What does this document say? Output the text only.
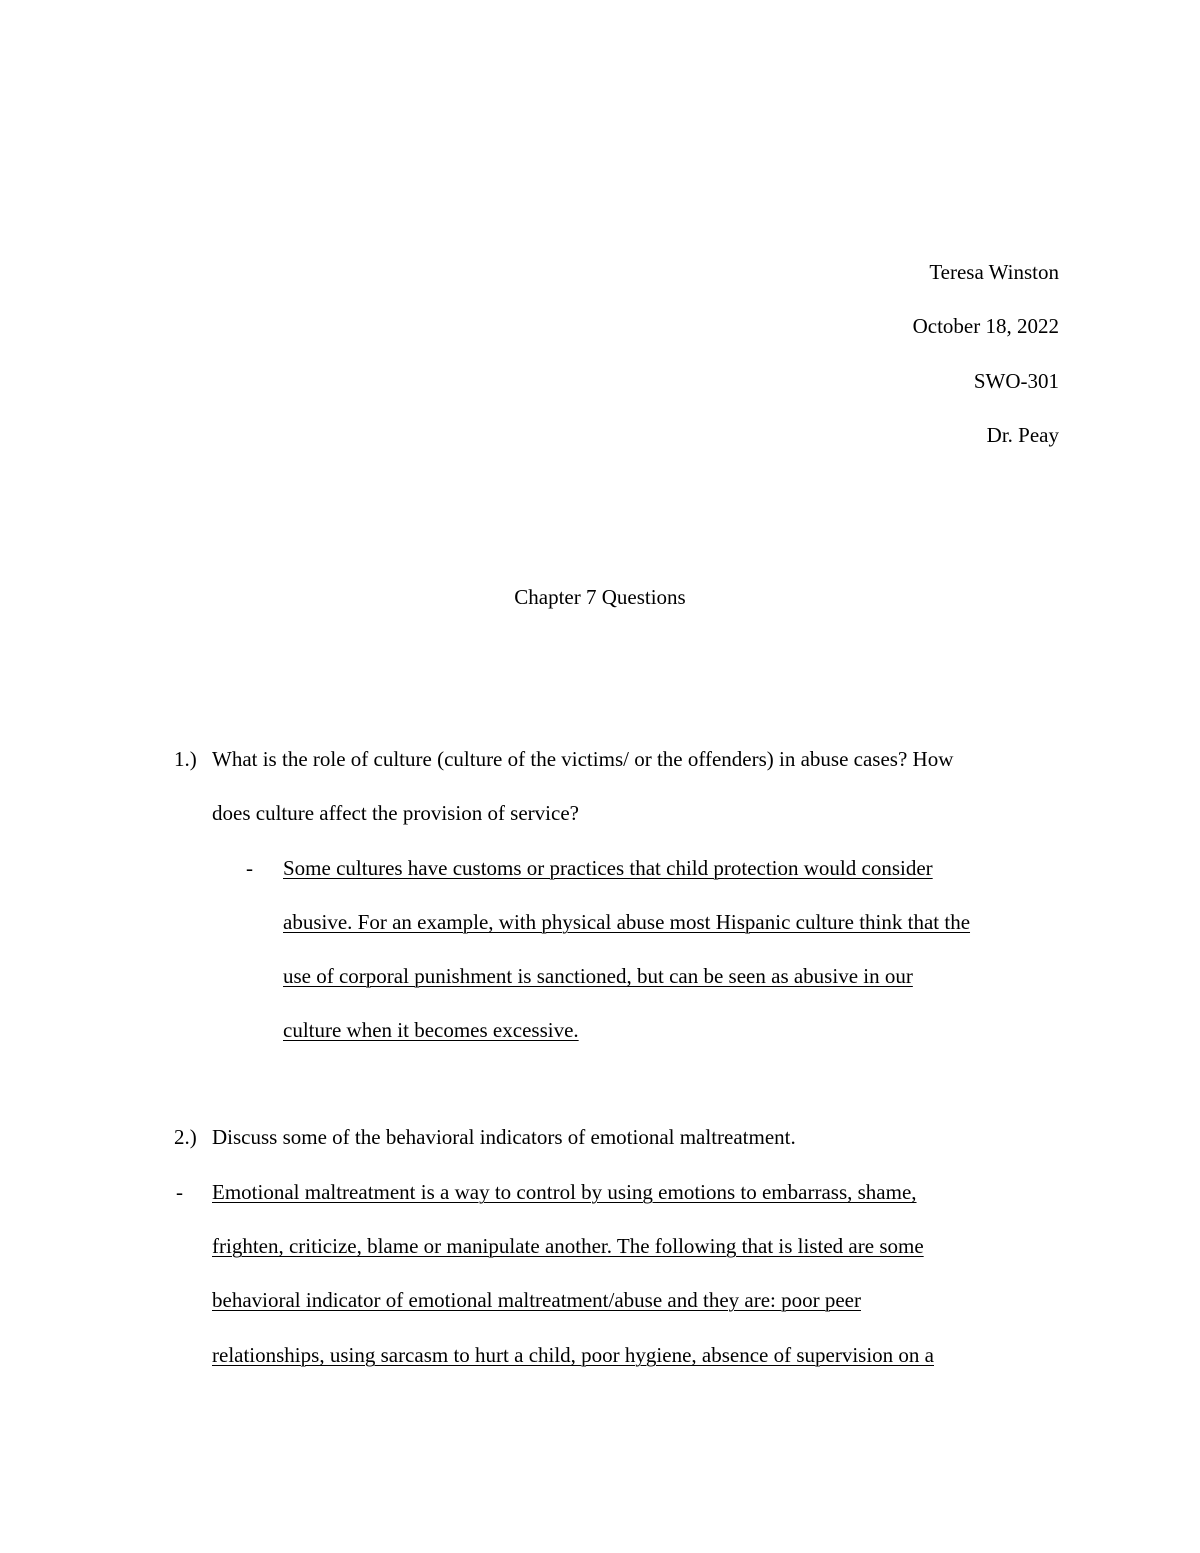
Teresa Winston
October 18, 2022
SWO-301
Dr. Peay
Chapter 7 Questions
1.) What is the role of culture (culture of the victims/ or the offenders) in abuse cases? How
does culture affect the provision of service?
- Some cultures have customs or practices that child protection would consider
abusive. For an example, with physical abuse most Hispanic culture think that the
use of corporal punishment is sanctioned, but can be seen as abusive in our
culture when it becomes excessive.
2.) Discuss some of the behavioral indicators of emotional maltreatment.
- Emotional maltreatment is a way to control by using emotions to embarrass, shame,
frighten, criticize, blame or manipulate another. The following that is listed are some
behavioral indicator of emotional maltreatment/abuse and they are: poor peer
relationships, using sarcasm to hurt a child, poor hygiene, absence of supervision on a
